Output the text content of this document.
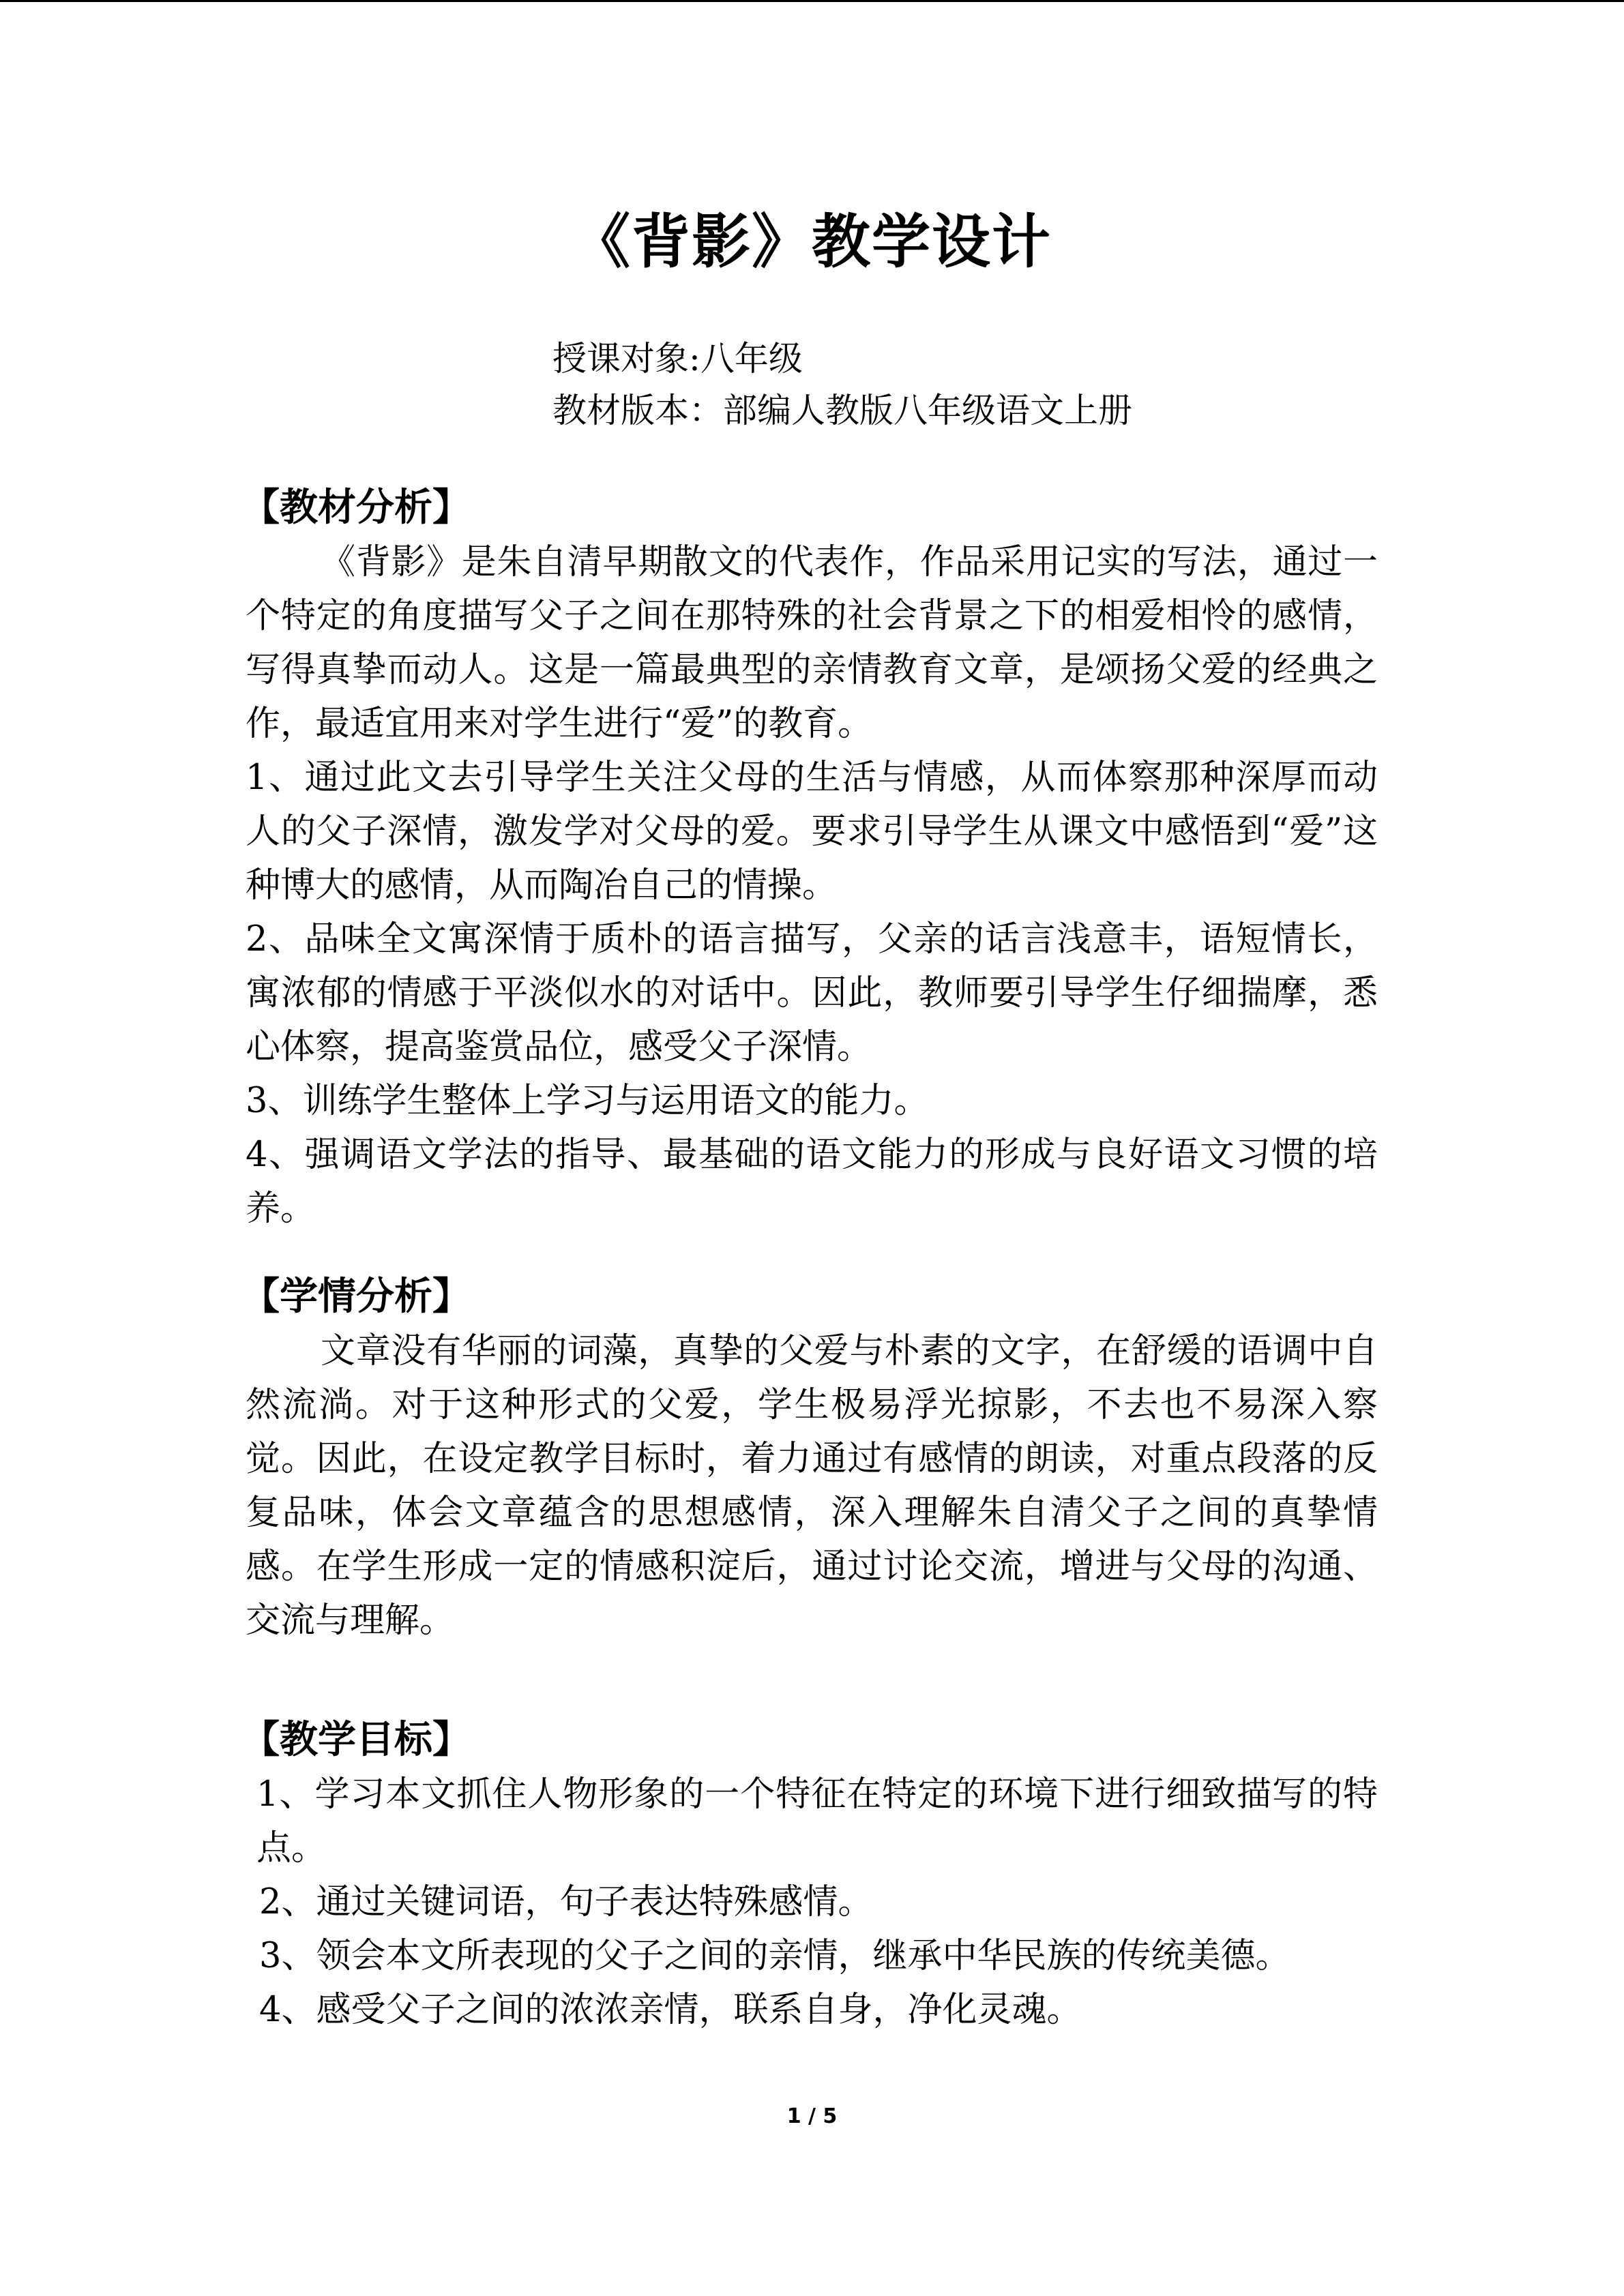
《背影》教学设计
授课对象:八年级
教材版本：部编人教版八年级语文上册
【教材分析】

《背影》是朱自清早期散文的代表作，作品采用记实的写法，通过一个特定的角度描写父子之间在那特殊的社会背景之下的相爱相怜的感情，写得真挚而动人。这是一篇最典型的亲情教育文章，是颂扬父爱的经典之作，最适宜用来对学生进行“爱”的教育。

1、通过此文去引导学生关注父母的生活与情感，从而体察那种深厚而动人的父子深情，激发学对父母的爱。要求引导学生从课文中感悟到“爱”这种博大的感情，从而陶冶自己的情操。

2、品味全文寓深情于质朴的语言描写，父亲的话言浅意丰，语短情长，寓浓郁的情感于平淡似水的对话中。因此，教师要引导学生仔细揣摩，悉心体察，提高鉴赏品位，感受父子深情。

3、训练学生整体上学习与运用语文的能力。

4、强调语文学法的指导、最基础的语文能力的形成与良好语文习惯的培养。

【学情分析】

文章没有华丽的词藻，真挚的父爱与朴素的文字，在舒缓的语调中自然流淌。对于这种形式的父爱，学生极易浮光掠影，不去也不易深入察觉。因此，在设定教学目标时，着力通过有感情的朗读，对重点段落的反复品味，体会文章蕴含的思想感情，深入理解朱自清父子之间的真挚情感。在学生形成一定的情感积淀后，通过讨论交流，增进与父母的沟通、交流与理解。

【教学目标】

1、学习本文抓住人物形象的一个特征在特定的环境下进行细致描写的特点。

2、通过关键词语，句子表达特殊感情。

3、领会本文所表现的父子之间的亲情，继承中华民族的传统美德。

4、感受父子之间的浓浓亲情，联系自身，净化灵魂。

1 / 5
